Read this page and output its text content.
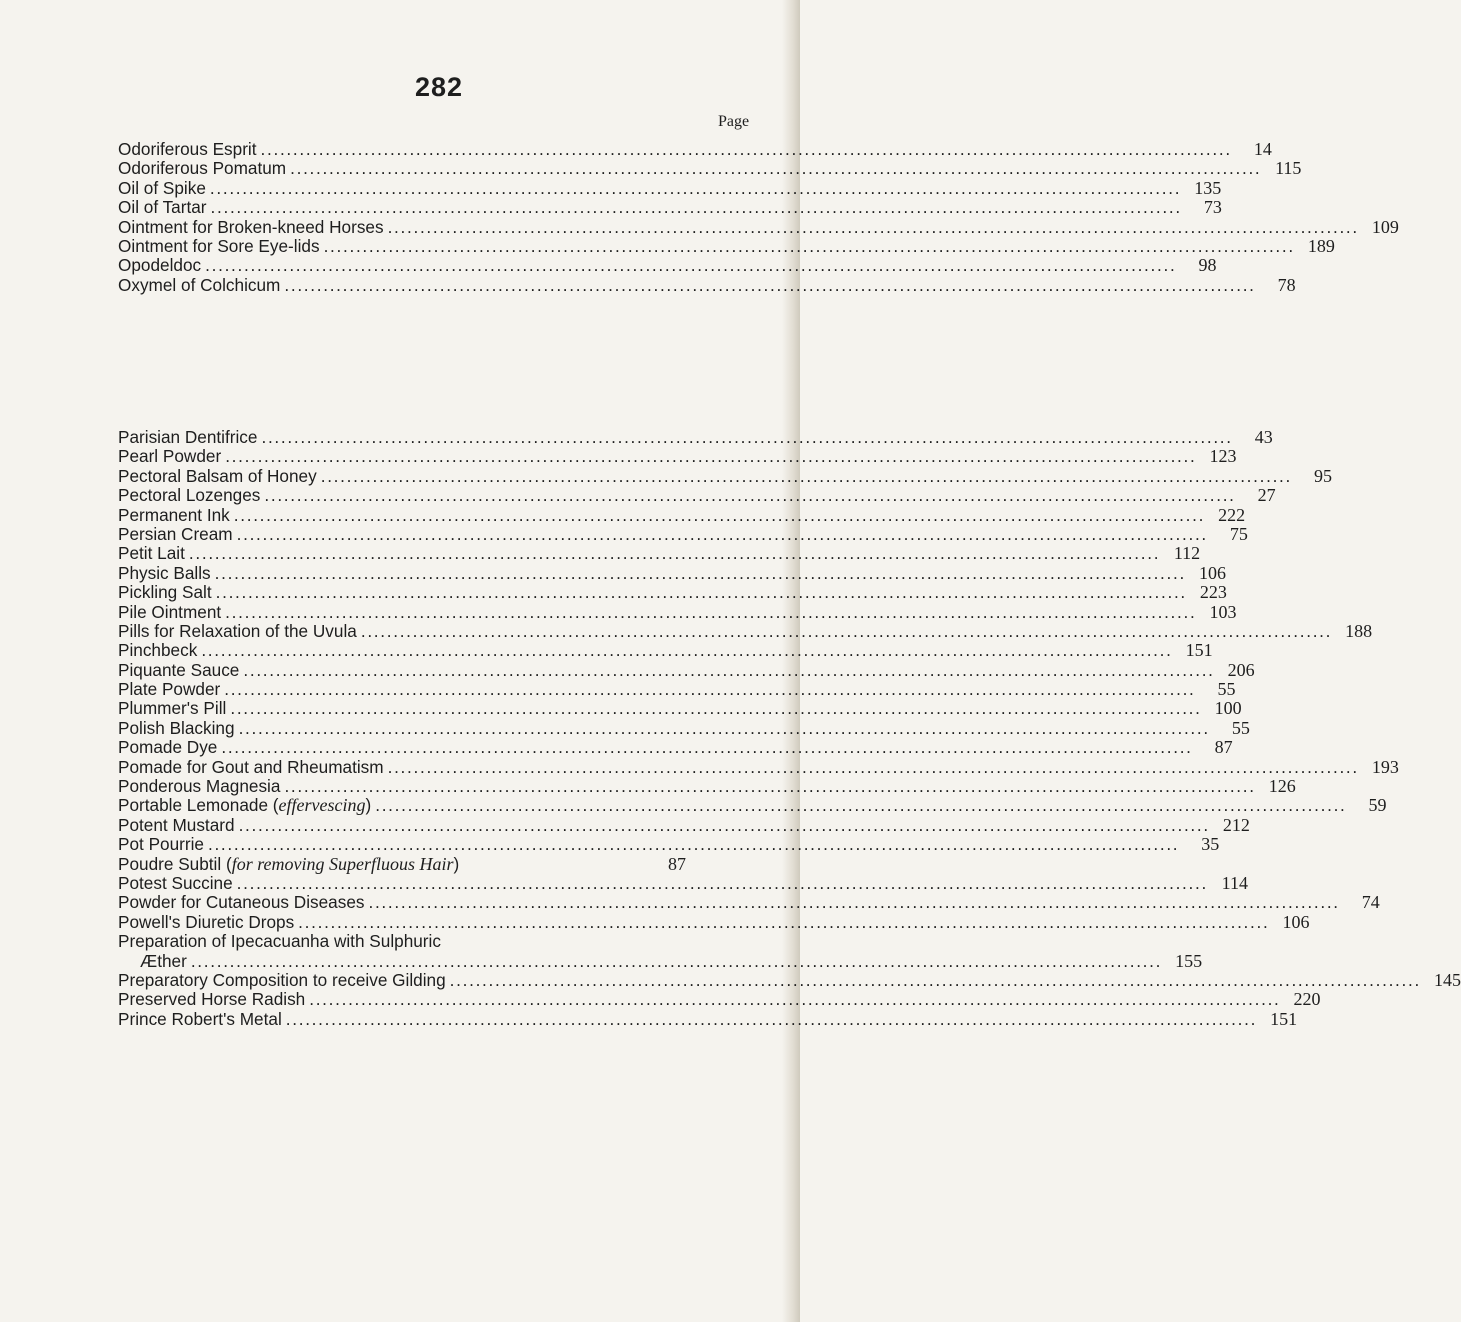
282
Page
Odoriferous Esprit .....	14
Odoriferous Pomatum .....	115
Oil of Spike .....	135
Oil of Tartar .....	73
Ointment for Broken-kneed Horses .....	109
Ointment for Sore Eye-lids .....	189
Opodeldoc .....	98
Oxymel of Colchicum .....	78
Parisian Dentifrice .....	43
Pearl Powder .....	123
Pectoral Balsam of Honey .....	95
Pectoral Lozenges .....	27
Permanent Ink .....	222
Persian Cream .....	75
Petit Lait .....	112
Physic Balls .....	106
Pickling Salt .....	223
Pile Ointment .....	103
Pills for Relaxation of the Uvula .....	188
Pinchbeck .....	151
Piquante Sauce .....	206
Plate Powder .....	55
Plummer's Pill .....	100
Polish Blacking .....	55
Pomade Dye .....	87
Pomade for Gout and Rheumatism .....	193
Ponderous Magnesia .....	126
Portable Lemonade (effervescing) .....	59
Potent Mustard .....	212
Pot Pourrie .....	35
Poudre Subtil (for removing Superfluous Hair)	87
Potest Succine .....	114
Powder for Cutaneous Diseases .....	74
Powell's Diuretic Drops .....	106
Preparation of Ipecacuanha with Sulphuric
Æther .....	155
Preparatory Composition to receive Gilding .....	145
Preserved Horse Radish .....	220
Prince Robert's Metal .....	151
